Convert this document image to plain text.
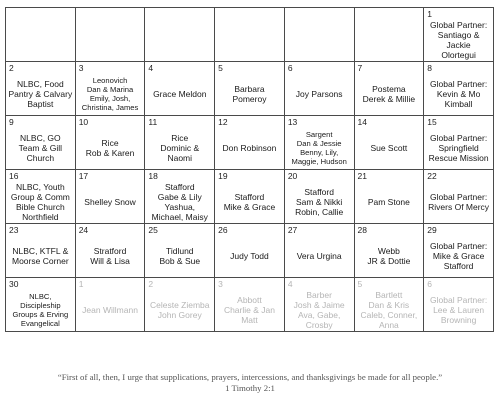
						1
Global Partner:
Santiago &
Jackie
Olortegui

2
NLBC, Food
Pantry & Calvary
Baptist	3
Leonovich
Dan & Marina
Emily, Josh,
Christina, James	4
Grace Meldon	5
Barbara
Pomeroy	6
Joy Parsons	7
Postema
Derek & Millie	8
Global Partner:
Kevin & Mo
Kimball

9
NLBC, GO
Team & Gill
Church	10
Rice
Rob & Karen	11
Rice
Dominic &
Naomi	12
Don Robinson	13
Sargent
Dan & Jessie
Benny, Lily,
Maggie, Hudson	14
Sue Scott	15
Global Partner:
Springfield
Rescue Mission

16
NLBC, Youth
Group & Comm
Bible Church
Northfield	17
Shelley Snow	18
Stafford
Gabe & Lily
Yashua,
Michael, Maisy	19
Stafford
Mike & Grace	20
Stafford
Sam & Nikki
Robin, Callie	21
Pam Stone	22
Global Partner:
Rivers Of Mercy

23
NLBC, KTFL &
Moorse Corner	24
Stratford
Will & Lisa	25
Tidlund
Bob & Sue	26
Judy Todd	27
Vera Urgina	28
Webb
JR & Dottie	29
Global Partner:
Mike & Grace
Stafford

30
NLBC,
Discipleship
Groups & Erving
Evangelical	1
Jean Willmann	2
Celeste Ziemba
John Gorey	3
Abbott
Charlie & Jan
Matt	4
Barber
Josh & Jaime
Ava, Gabe,
Crosby	5
Bartlett
Dan & Kris
Caleb, Conner,
Anna	6
Global Partner:
Lee & Lauren
Browning
“First of all, then, I urge that supplications, prayers, intercessions, and thanksgivings be made for all people.”
1 Timothy 2:1
